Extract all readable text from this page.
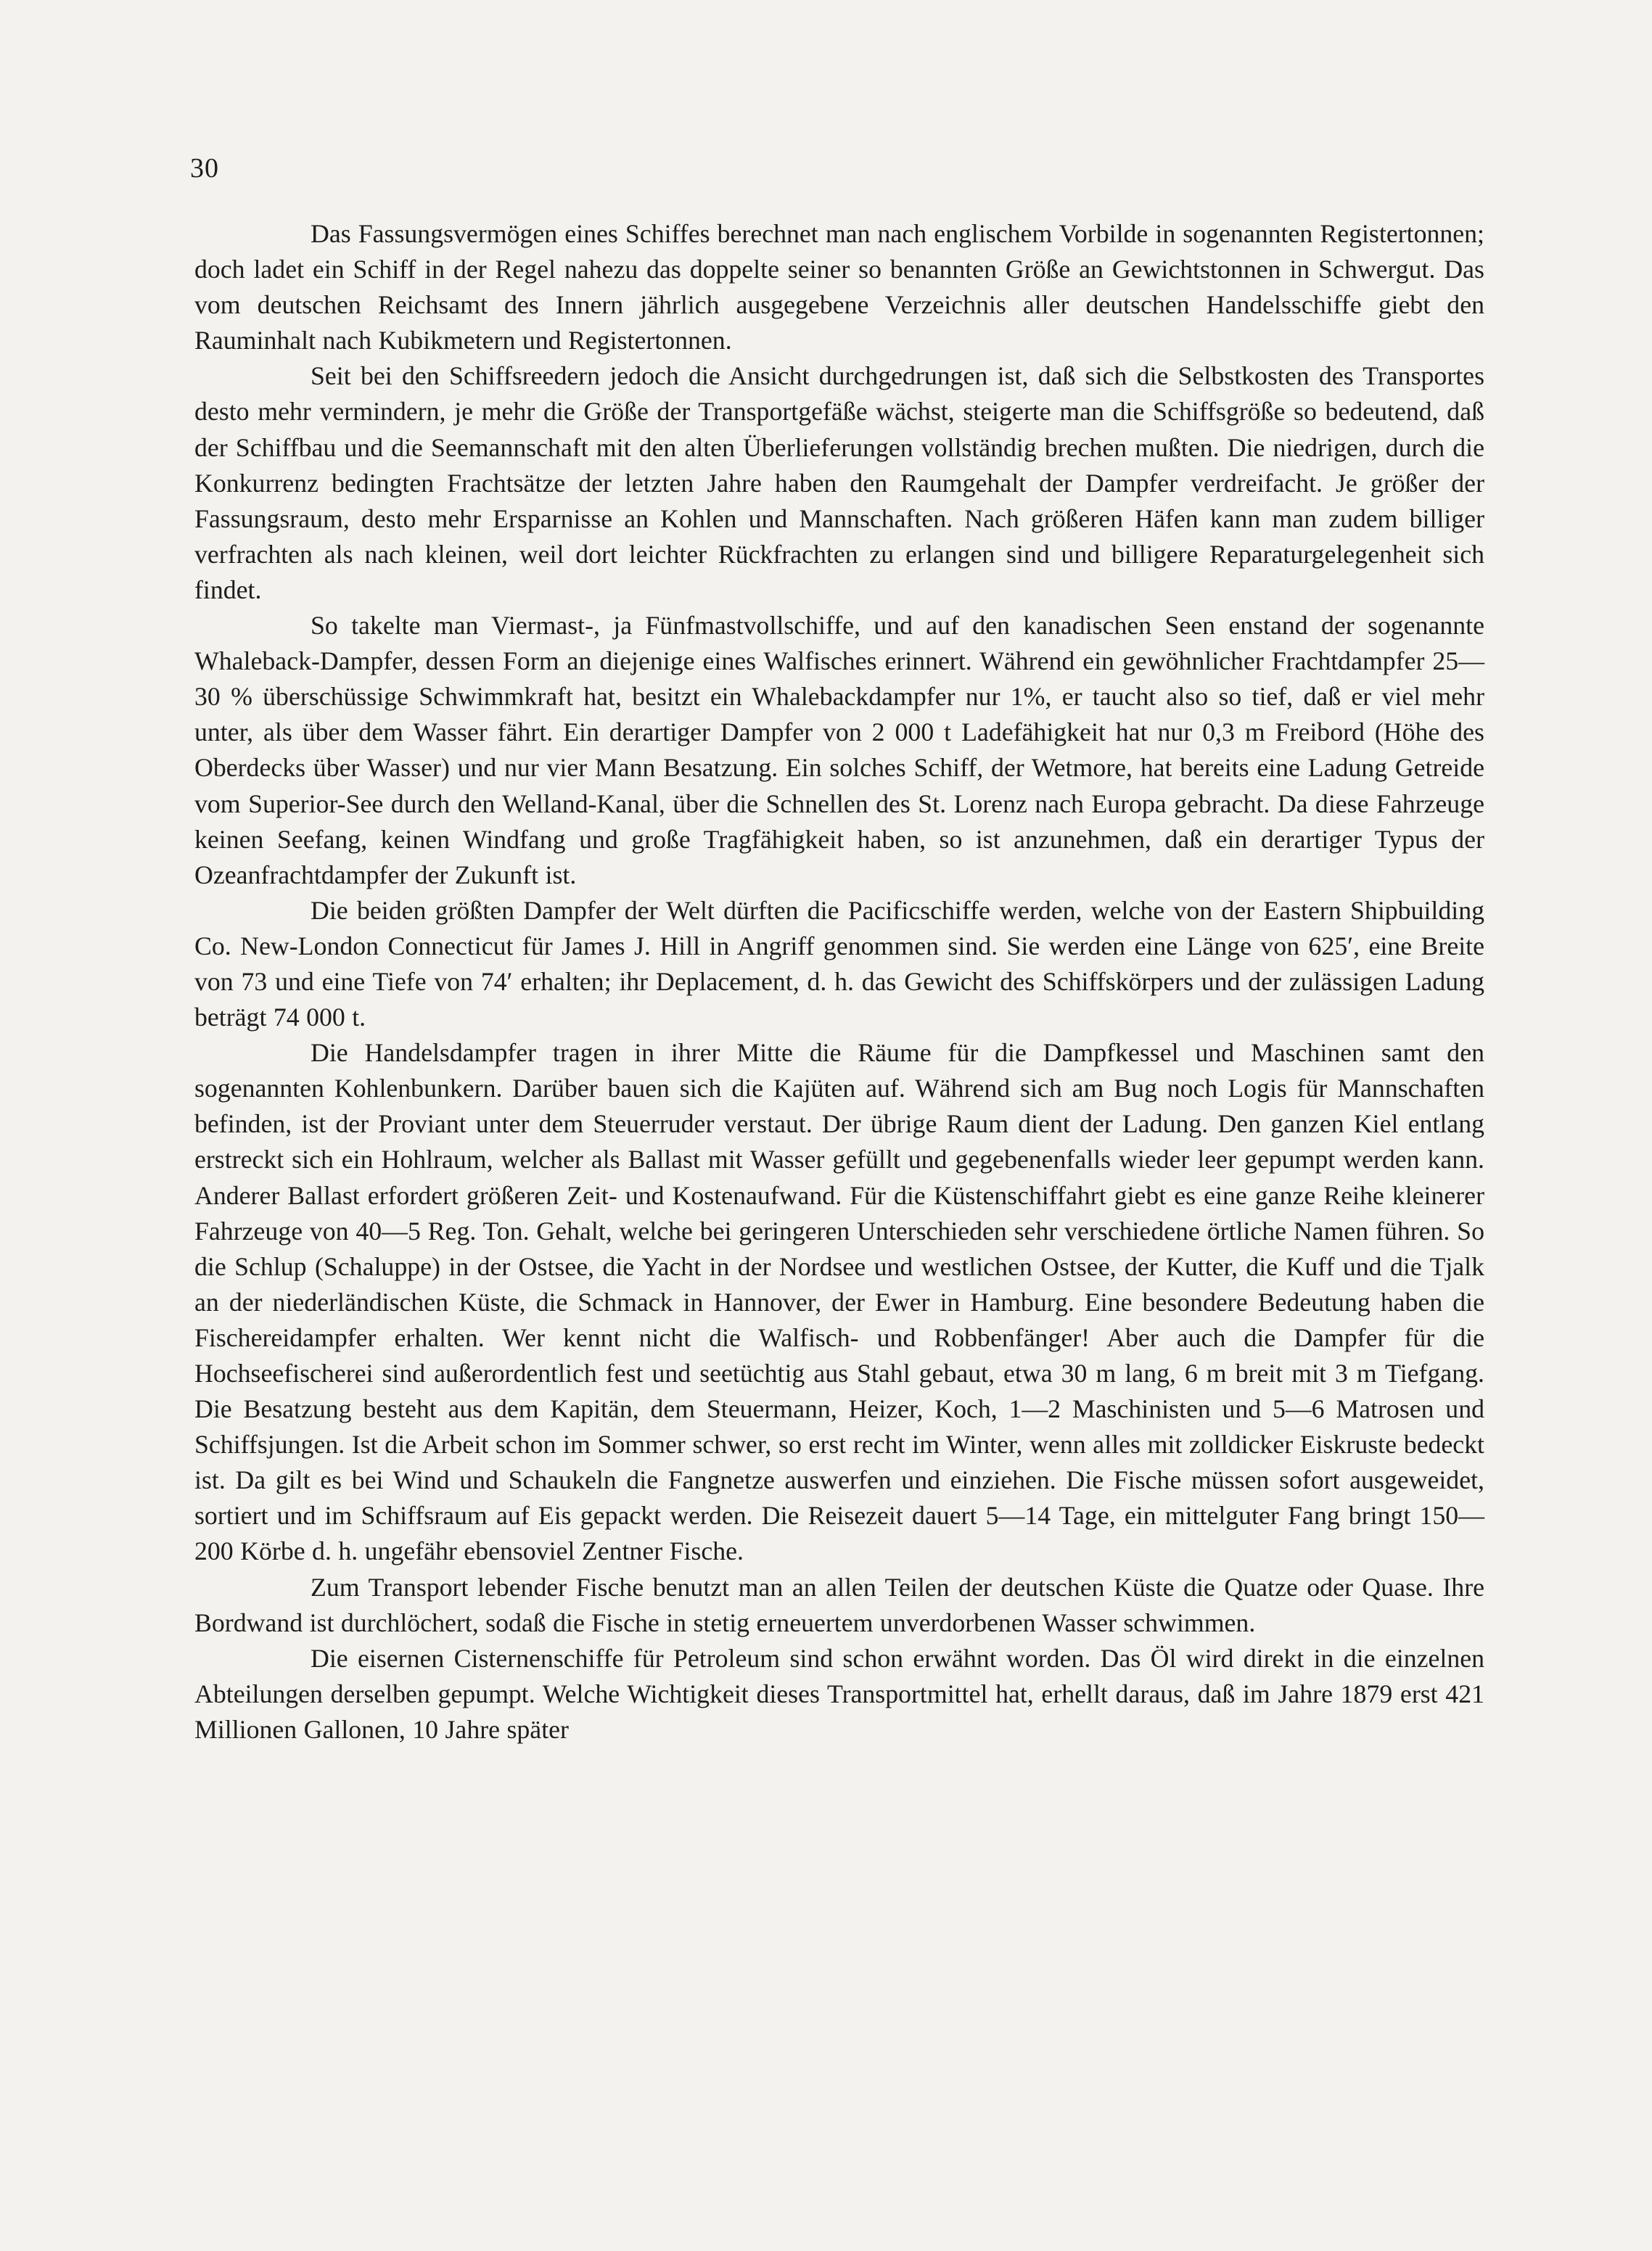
30

Das Fassungsvermögen eines Schiffes berechnet man nach englischem Vorbilde in sogenannten Registertonnen; doch ladet ein Schiff in der Regel nahezu das doppelte seiner so benannten Größe an Gewichtstonnen in Schwergut. Das vom deutschen Reichsamt des Innern jährlich ausgegebene Verzeichnis aller deutschen Handelsschiffe giebt den Rauminhalt nach Kubikmetern und Registertonnen.

Seit bei den Schiffsreedern jedoch die Ansicht durchgedrungen ist, daß sich die Selbstkosten des Transportes desto mehr vermindern, je mehr die Größe der Transportgefäße wächst, steigerte man die Schiffsgröße so bedeutend, daß der Schiffbau und die Seemannschaft mit den alten Überlieferungen vollständig brechen mußten. Die niedrigen, durch die Konkurrenz bedingten Frachtsätze der letzten Jahre haben den Raumgehalt der Dampfer verdreifacht. Je größer der Fassungsraum, desto mehr Ersparnisse an Kohlen und Mannschaften. Nach größeren Häfen kann man zudem billiger verfrachten als nach kleinen, weil dort leichter Rückfrachten zu erlangen sind und billigere Reparaturgelegenheit sich findet.

So takelte man Viermast-, ja Fünfmastvollschiffe, und auf den kanadischen Seen enstand der sogenannte Whaleback-Dampfer, dessen Form an diejenige eines Walfisches erinnert. Während ein gewöhnlicher Frachtdampfer 25—30 % überschüssige Schwimmkraft hat, besitzt ein Whalebackdampfer nur 1%, er taucht also so tief, daß er viel mehr unter, als über dem Wasser fährt. Ein derartiger Dampfer von 2 000 t Ladefähigkeit hat nur 0,3 m Freibord (Höhe des Oberdecks über Wasser) und nur vier Mann Besatzung. Ein solches Schiff, der Wetmore, hat bereits eine Ladung Getreide vom Superior-See durch den Welland-Kanal, über die Schnellen des St. Lorenz nach Europa gebracht. Da diese Fahrzeuge keinen Seefang, keinen Windfang und große Tragfähigkeit haben, so ist anzunehmen, daß ein derartiger Typus der Ozeanfrachtdampfer der Zukunft ist.

Die beiden größten Dampfer der Welt dürften die Pacificschiffe werden, welche von der Eastern Shipbuilding Co. New-London Connecticut für James J. Hill in Angriff genommen sind. Sie werden eine Länge von 625′, eine Breite von 73 und eine Tiefe von 74′ erhalten; ihr Deplacement, d. h. das Gewicht des Schiffskörpers und der zulässigen Ladung beträgt 74 000 t.

Die Handelsdampfer tragen in ihrer Mitte die Räume für die Dampfkessel und Maschinen samt den sogenannten Kohlenbunkern. Darüber bauen sich die Kajüten auf. Während sich am Bug noch Logis für Mannschaften befinden, ist der Proviant unter dem Steuerruder verstaut. Der übrige Raum dient der Ladung. Den ganzen Kiel entlang erstreckt sich ein Hohlraum, welcher als Ballast mit Wasser gefüllt und gegebenenfalls wieder leer gepumpt werden kann. Anderer Ballast erfordert größeren Zeit- und Kostenaufwand. Für die Küstenschiffahrt giebt es eine ganze Reihe kleinerer Fahrzeuge von 40—5 Reg. Ton. Gehalt, welche bei geringeren Unterschieden sehr verschiedene örtliche Namen führen. So die Schlup (Schaluppe) in der Ostsee, die Yacht in der Nordsee und westlichen Ostsee, der Kutter, die Kuff und die Tjalk an der niederländischen Küste, die Schmack in Hannover, der Ewer in Hamburg. Eine besondere Bedeutung haben die Fischereidampfer erhalten. Wer kennt nicht die Walfisch- und Robbenfänger! Aber auch die Dampfer für die Hochseefischerei sind außerordentlich fest und seetüchtig aus Stahl gebaut, etwa 30 m lang, 6 m breit mit 3 m Tiefgang. Die Besatzung besteht aus dem Kapitän, dem Steuermann, Heizer, Koch, 1—2 Maschinisten und 5—6 Matrosen und Schiffsjungen. Ist die Arbeit schon im Sommer schwer, so erst recht im Winter, wenn alles mit zolldicker Eiskruste bedeckt ist. Da gilt es bei Wind und Schaukeln die Fangnetze auswerfen und einziehen. Die Fische müssen sofort ausgeweidet, sortiert und im Schiffsraum auf Eis gepackt werden. Die Reisezeit dauert 5—14 Tage, ein mittelguter Fang bringt 150—200 Körbe d. h. ungefähr ebensoviel Zentner Fische.

Zum Transport lebender Fische benutzt man an allen Teilen der deutschen Küste die Quatze oder Quase. Ihre Bordwand ist durchlöchert, sodaß die Fische in stetig erneuertem unverdorbenen Wasser schwimmen.

Die eisernen Cisternenschiffe für Petroleum sind schon erwähnt worden. Das Öl wird direkt in die einzelnen Abteilungen derselben gepumpt. Welche Wichtigkeit dieses Transportmittel hat, erhellt daraus, daß im Jahre 1879 erst 421 Millionen Gallonen, 10 Jahre später
